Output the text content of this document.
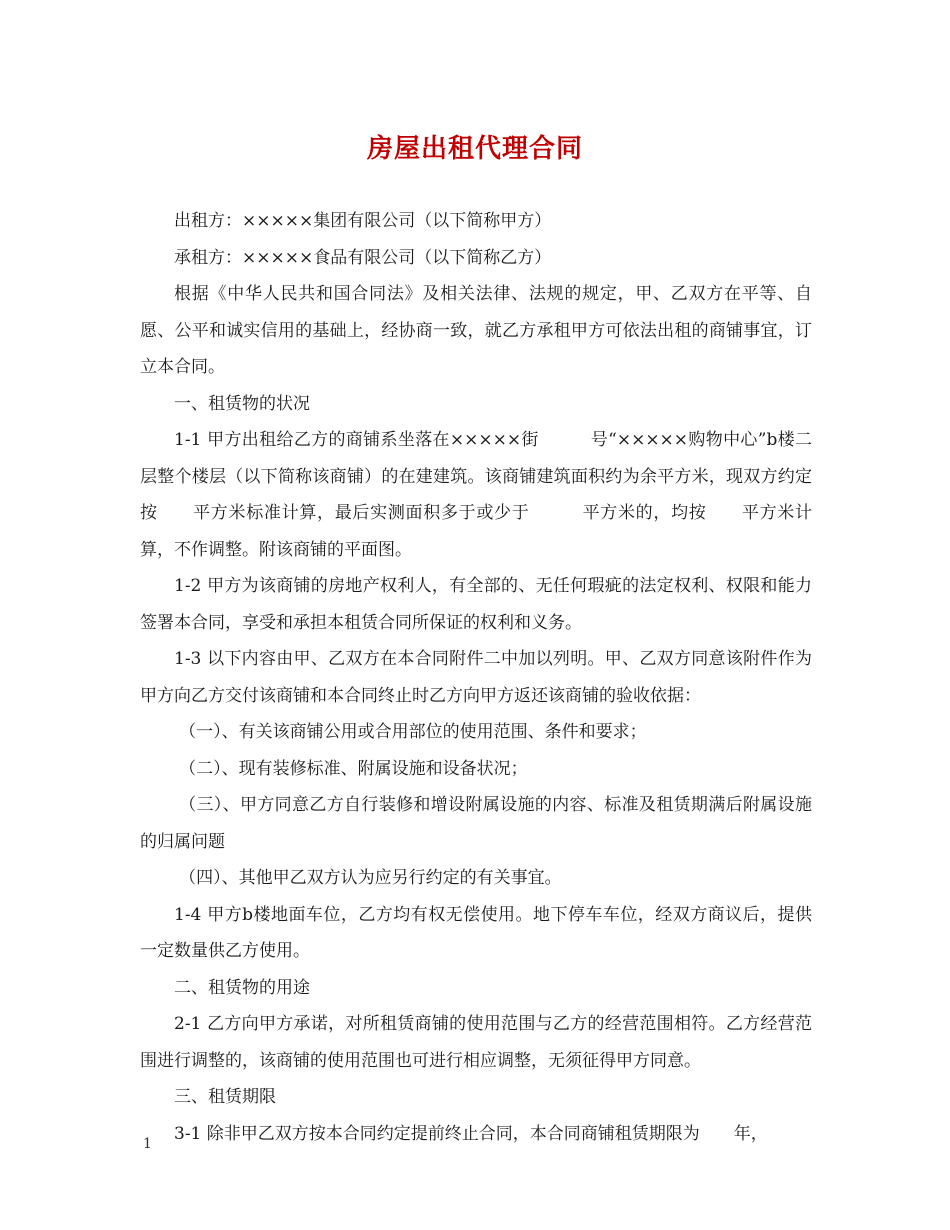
房屋出租代理合同

出租方：×××××集团有限公司（以下简称甲方）

承租方：×××××食品有限公司（以下简称乙方）

根据《中华人民共和国合同法》及相关法律、法规的规定，甲、乙双方在平等、自愿、公平和诚实信用的基础上，经协商一致，就乙方承租甲方可依法出租的商铺事宜，订立本合同。

一、租赁物的状况

1-1 甲方出租给乙方的商铺系坐落在×××××街　　　号“×××××购物中心”b楼二层整个楼层（以下简称该商铺）的在建建筑。该商铺建筑面积约为余平方米，现双方约定按　　平方米标准计算，最后实测面积多于或少于　　　平方米的，均按　　平方米计算，不作调整。附该商铺的平面图。

1-2 甲方为该商铺的房地产权利人，有全部的、无任何瑕疵的法定权利、权限和能力签署本合同，享受和承担本租赁合同所保证的权利和义务。

1-3 以下内容由甲、乙双方在本合同附件二中加以列明。甲、乙双方同意该附件作为甲方向乙方交付该商铺和本合同终止时乙方向甲方返还该商铺的验收依据：

（一）、有关该商铺公用或合用部位的使用范围、条件和要求；

（二）、现有装修标准、附属设施和设备状况；

（三）、甲方同意乙方自行装修和增设附属设施的内容、标准及租赁期满后附属设施的归属问题

（四）、其他甲乙双方认为应另行约定的有关事宜。

1-4 甲方b楼地面车位，乙方均有权无偿使用。地下停车车位，经双方商议后，提供一定数量供乙方使用。

二、租赁物的用途

2-1 乙方向甲方承诺，对所租赁商铺的使用范围与乙方的经营范围相符。乙方经营范围进行调整的，该商铺的使用范围也可进行相应调整，无须征得甲方同意。

三、租赁期限

3-1 除非甲乙双方按本合同约定提前终止合同，本合同商铺租赁期限为　　年，

1
